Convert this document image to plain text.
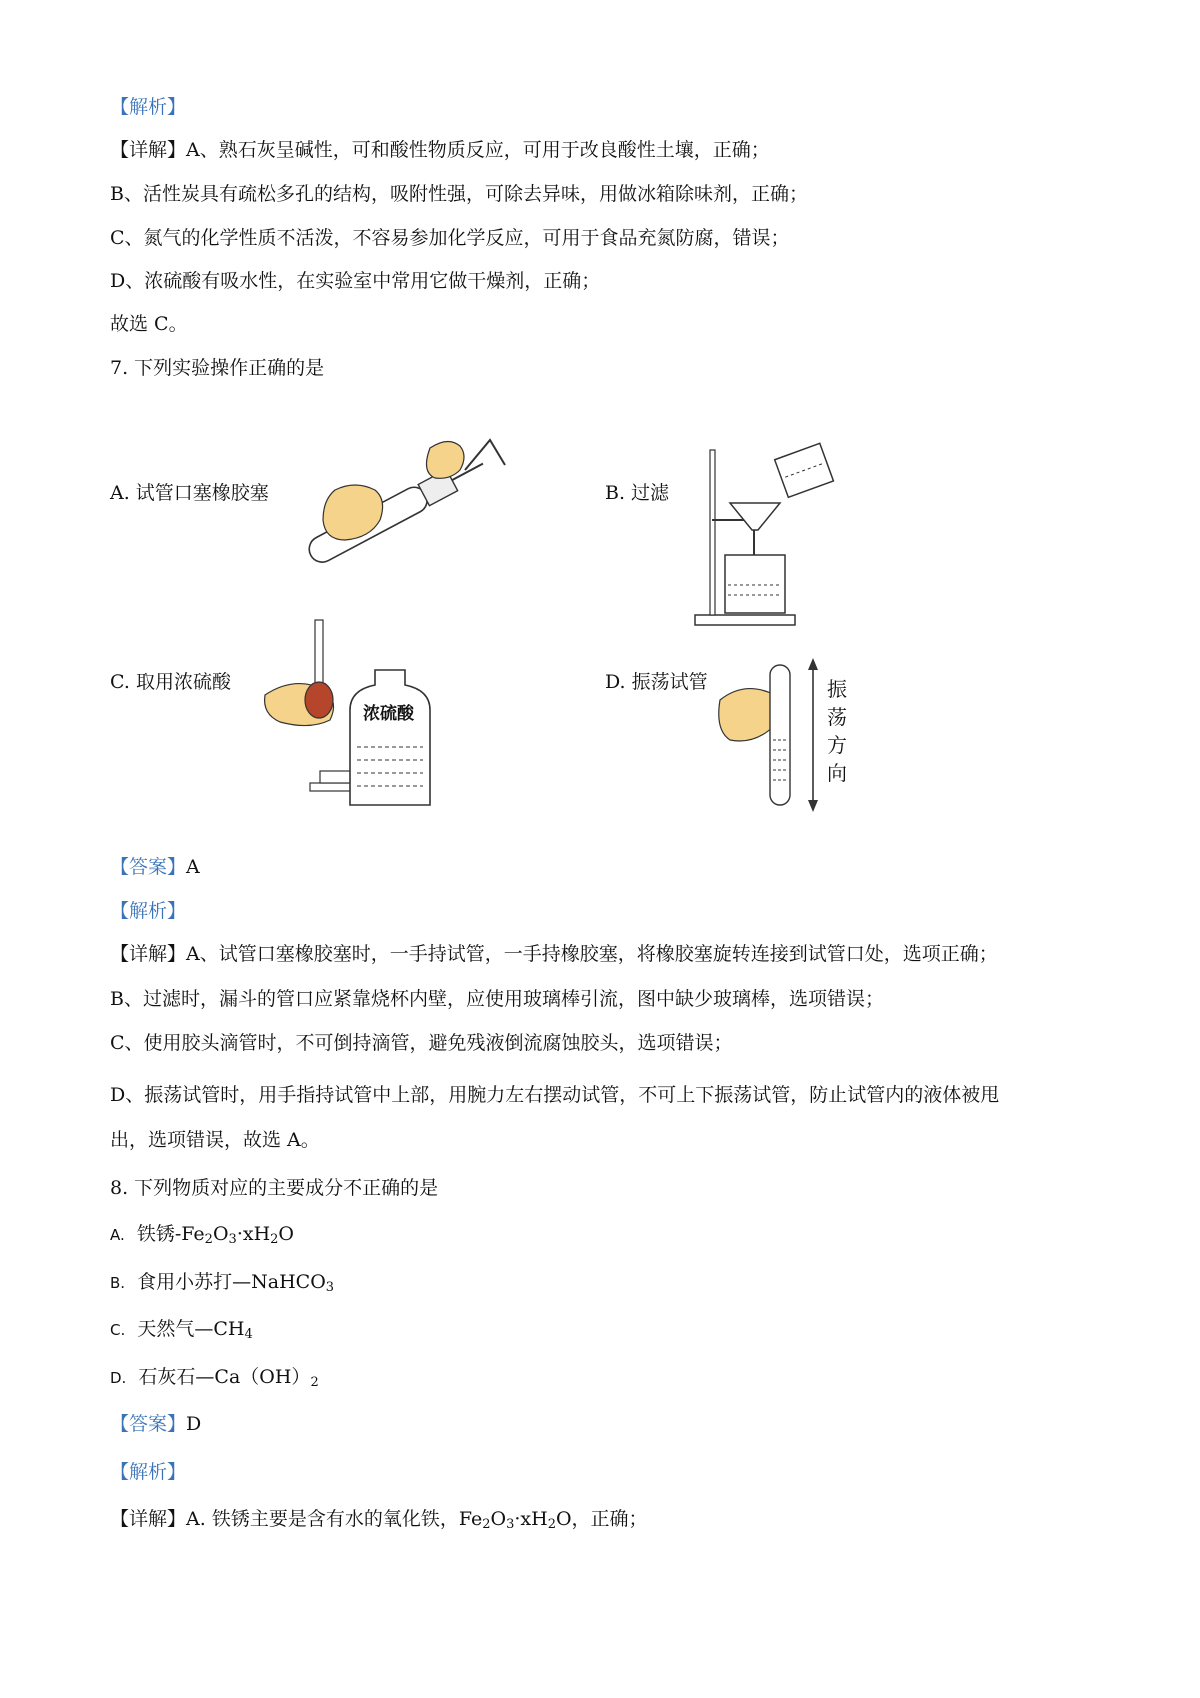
【解析】
【详解】A、熟石灰呈碱性，可和酸性物质反应，可用于改良酸性土壤，正确；
B、活性炭具有疏松多孔的结构，吸附性强，可除去异味，用做冰箱除味剂，正确；
C、氮气的化学性质不活泼，不容易参加化学反应，可用于食品充氮防腐，错误；
D、浓硫酸有吸水性，在实验室中常用它做干燥剂，正确；
故选 C。
7. 下列实验操作正确的是
A. 试管口塞橡胶塞	B. 过滤
C. 取用浓硫酸
浓硫酸
D. 振荡试管	振
荡
方
向
【答案】A
【解析】
【详解】A、试管口塞橡胶塞时，一手持试管，一手持橡胶塞，将橡胶塞旋转连接到试管口处，选项正确；
B、过滤时，漏斗的管口应紧靠烧杯内壁，应使用玻璃棒引流，图中缺少玻璃棒，选项错误；
C、使用胶头滴管时，不可倒持滴管，避免残液倒流腐蚀胶头，选项错误；
D、振荡试管时，用手指持试管中上部，用腕力左右摆动试管，不可上下振荡试管，防止试管内的液体被甩
出，选项错误，故选 A。
8. 下列物质对应的主要成分不正确的是
A. 铁锈$-Fe_2O_3\cdot xH_2O$
B. 食用小苏打—NaHCO$_3$
C. 天然气$—CH_4$
D. 石灰石$—Ca(OH)_2$
【答案】D
【解析】
【详解】A. 铁锈主要是含有水的氧化铁，$Fe_2O_3\cdot xH_2O$，正确；
